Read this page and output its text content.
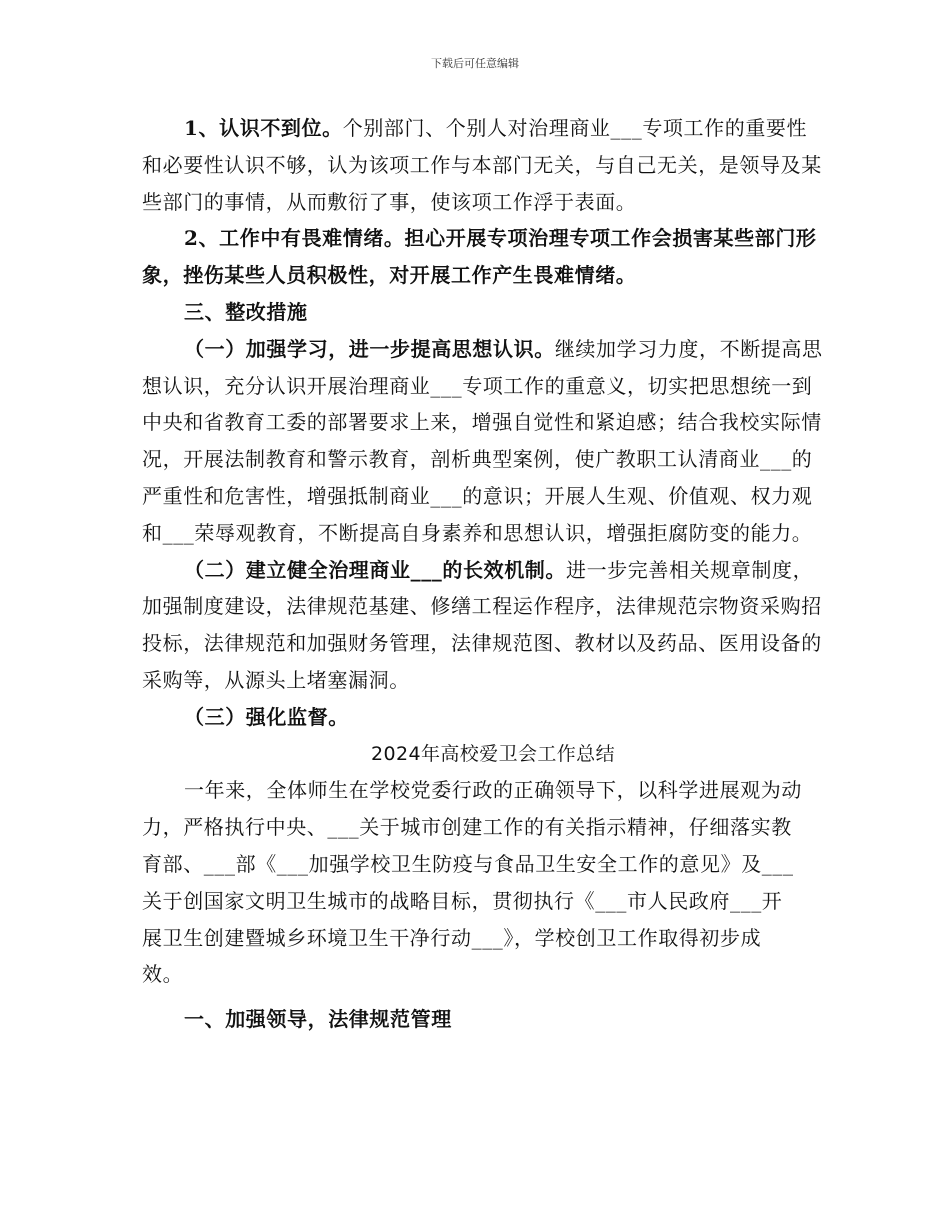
下载后可任意编辑

1、认识不到位。个别部门、个别人对治理商业___专项工作的重要性和必要性认识不够，认为该项工作与本部门无关，与自己无关，是领导及某些部门的事情，从而敷衍了事，使该项工作浮于表面。

2、工作中有畏难情绪。担心开展专项治理专项工作会损害某些部门形象，挫伤某些人员积极性，对开展工作产生畏难情绪。

三、整改措施

（一）加强学习，进一步提高思想认识。继续加学习力度，不断提高思想认识，充分认识开展治理商业___专项工作的重意义，切实把思想统一到中央和省教育工委的部署要求上来，增强自觉性和紧迫感；结合我校实际情况，开展法制教育和警示教育，剖析典型案例，使广教职工认清商业___的严重性和危害性，增强抵制商业___的意识；开展人生观、价值观、权力观和___荣辱观教育，不断提高自身素养和思想认识，增强拒腐防变的能力。

（二）建立健全治理商业___的长效机制。进一步完善相关规章制度，加强制度建设，法律规范基建、修缮工程运作程序，法律规范宗物资采购招投标，法律规范和加强财务管理，法律规范图、教材以及药品、医用设备的采购等，从源头上堵塞漏洞。

（三）强化监督。

2024年高校爱卫会工作总结

一年来，全体师生在学校党委行政的正确领导下，以科学进展观为动力，严格执行中央、___关于城市创建工作的有关指示精神，仔细落实教育部、___部《___加强学校卫生防疫与食品卫生安全工作的意见》及___关于创国家文明卫生城市的战略目标，贯彻执行《___市人民政府___开展卫生创建暨城乡环境卫生干净行动___》，学校创卫工作取得初步成效。

一、加强领导，法律规范管理
